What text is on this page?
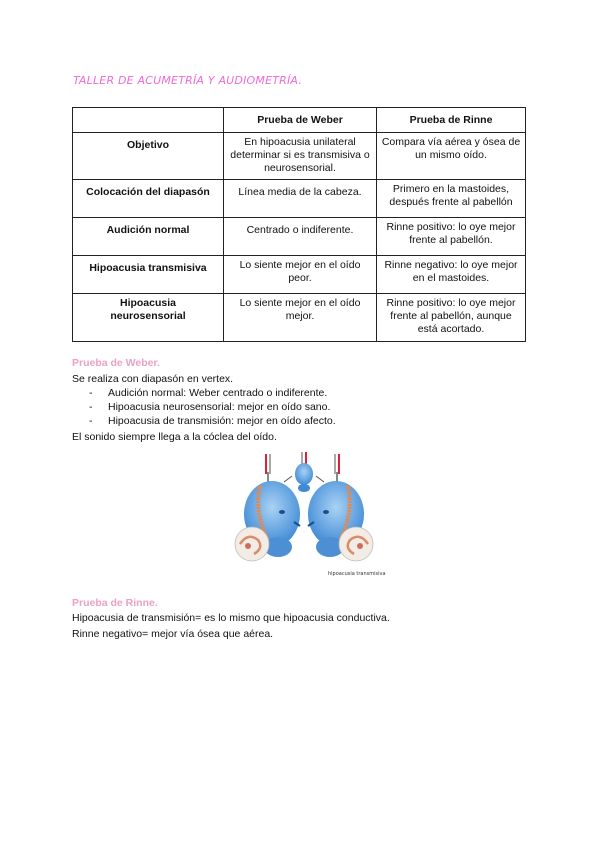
TALLER DE ACUMETRÍA Y AUDIOMETRÍA.
	Prueba de Weber	Prueba de Rinne
Objetivo	En hipoacusia unilateral determinar si es transmisiva o neurosensorial.	Compara vía aérea y ósea de un mismo oído.
Colocación del diapasón	Línea media de la cabeza.	Primero en la mastoides, después frente al pabellón
Audición normal	Centrado o indiferente.	Rinne positivo: lo oye mejor frente al pabellón.
Hipoacusia transmisiva	Lo siente mejor en el oído peor.	Rinne negativo: lo oye mejor en el mastoides.
Hipoacusia neurosensorial	Lo siente mejor en el oído mejor.	Rinne positivo: lo oye mejor frente al pabellón, aunque está acortado.
Prueba de Weber.
Se realiza con diapasón en vertex.
- Audición normal: Weber centrado o indiferente.
- Hipoacusia neurosensorial: mejor en oído sano.
- Hipoacusia de transmisión: mejor en oído afecto.
El sonido siempre llega a la cóclea del oído.
hipoacusia transmisiva
Prueba de Rinne.
Hipoacusia de transmisión= es lo mismo que hipoacusia conductiva.
Rinne negativo= mejor vía ósea que aérea.
